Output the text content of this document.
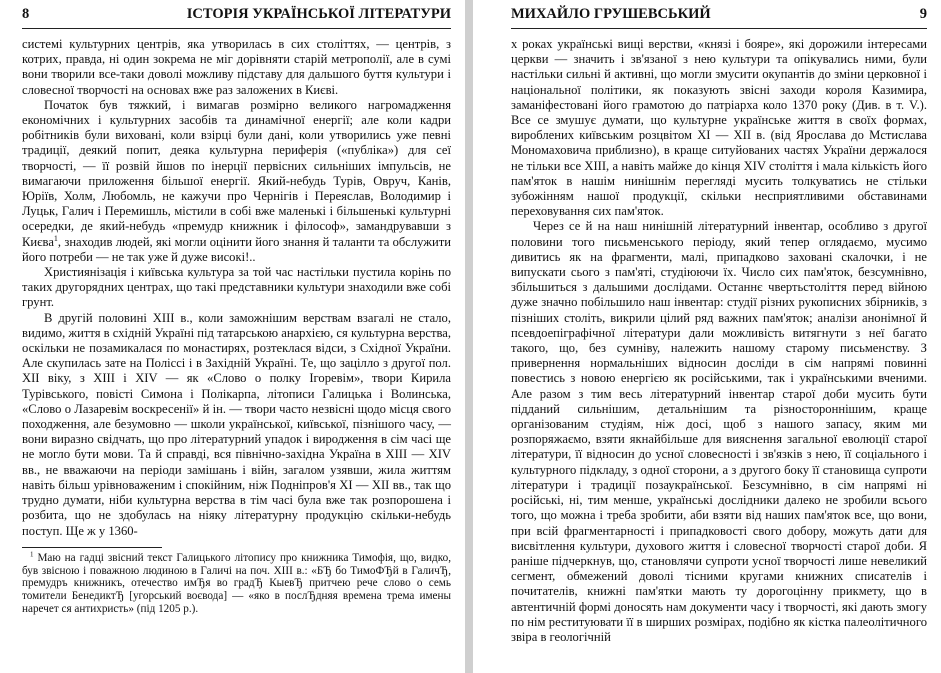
8	ІСТОРІЯ УКРАЇНСЬКОЇ ЛІТЕРАТУРИ

системі культурних центрів, яка утворилась в сих століттях, — центрів, з котрих, правда, ні один зокрема не міг дорівняти старій метрополії, але в сумі вони творили все-таки доволі можливу підставу для дальшого буття культури і словесної творчості на основах вже раз заложених в Києві.

Початок був тяжкий, і вимагав розмірно великого нагромадження економічних і культурних засобів та динамічної енергії; але коли кадри робітників були виховані, коли взірці були дані, коли утворились уже певні традиції, деякий попит, деяка культурна периферія («публіка») для сеї творчості, — її розвій йшов по інерції первісних сильніших імпульсів, не вимагаючи приложення більшої енергії. Який-небудь Турів, Овруч, Канів, Юріїв, Холм, Любомль, не кажучи про Чернігів і Переяслав, Володимир і Луцьк, Галич і Перемишль, містили в собі вже маленькі і більшенькі культурні осередки, де який-небудь «премудр книжник і філософ», замандрувавши з Києва$^1$, знаходив людей, які могли оцінити його знання й таланти та обслужити його потреби — не так уже й дуже високі!..

Християнізація і київська культура за той час настільки пустила корінь по таких другорядних центрах, що такі представники культури знаходили вже собі грунт.

В другій половині XIII в., коли заможнішим верствам взагалі не стало, видимо, життя в східній Україні під татарською анархією, ся культурна верства, оскільки не позамикалася по монастирях, розтеклася відси, з Східної України. Але скупилась зате на Поліссі і в Західній Україні. Те, що зацілло з другої пол. XII віку, з XIII і XIV — як «Слово о полку Ігоревім», твори Кирила Турівського, повісті Симона і Полікарпа, літописи Галицька і Волинська, «Слово о Лазаревім воскресенії» й ін. — твори часто незвісні щодо місця свого походження, але безумовно — школи української, київської, пізнішого часу, — вони виразно свідчать, що про літературний упадок і виродження в сім часі ще не могло бути мови. Та й справді, вся північно-західна Україна в XIII — XIV вв., не вважаючи на періоди замішань і війн, загалом узявши, жила життям навіть більш урівноваженим і спокійним, ніж Подніпров'я XI — XII вв., так що трудно думати, ніби культурна верства в тім часі була вже так розпорошена і розбита, що не здобулась на ніяку літературну продукцію скільки-небудь поступ. Ще ж у 1360-

$^1$ Маю на гадці звісний текст Галицького літопису про книжника Тимофія, що, видко, був звісною і поважною людиною в Галичі на поч. XIII в.: «БЂ бо ТимоФЂй в ГаличЂ, премудръ книжникъ, отечество имЂя во градЂ КыевЂ притчею рече слово о семь томители БенедиктЂ [угорський воєвода] — «яко в послЂдняя времена трема имены наречет ся антихристь» (під 1205 р.).

МИХАЙЛО ГРУШЕВСЬКИЙ	9

х роках українські вищі верстви, «князі і бояре», які дорожили інтересами церкви — значить і зв'язаної з нею культури та опікувались ними, були настільки сильні й активні, що могли змусити окупантів до зміни церковної і національної політики, як показують звісні заходи короля Казимира, заманіфестовані його грамотою до патріарха коло 1370 року (Див. в т. V.). Все се змушує думати, що культурне українське життя в своїх формах, вироблених київським розцвітом XI — XII в. (від Ярослава до Мстислава Мономаховича приблизно), в краще ситуйованих частях України держалося не тільки все XIII, а навіть майже до кінця XIV століття і мала кількість його пам'яток в нашім нинішнім перегляді мусить толкуватись не стільки зубожінням нашої продукції, скільки несприятливими обставинами переховування сих пам'яток.

Через се й на наш нинішній літературний інвентар, особливо з другої половини того письменського періоду, який тепер оглядаємо, мусимо дивитись як на фрагменти, малі, припадково заховані скалочки, і не випускати сього з пам'яті, студіюючи їх. Число сих пам'яток, безсумнівно, збільшиться з дальшими дослідами. Останнє чвертьстоліття перед війною дуже значно побільшило наш інвентар: студії різних рукописних збірників, з пізніших століть, викрили цілий ряд важних пам'яток; аналізи анонімної й псевдоепіграфічної літератури дали можливість витягнути з неї багато такого, що, без сумніву, належить нашому старому письменству. З привернення нормальніших відносин досліди в сім напрямі повинні повестись з новою енергією як російськими, так і українськими вченими. Але разом з тим весь літературний інвентар старої доби мусить бути підданий сильнішим, детальнішим та різностороннішим, краще організованим студіям, ніж досі, щоб з нашого запасу, яким ми розпоряжаємо, взяти якнайбільше для вияснення загальної еволюції старої літератури, її відносин до усної словесності і зв'язків з нею, її соціального і культурного підкладу, з одної сторони, а з другого боку її становища супроти літератури і традиції позаукраїнської. Безсумнівно, в сім напрямі ні російські, ні, тим менше, українські дослідники далеко не зробили всього того, що можна і треба зробити, аби взяти від наших пам'яток все, що вони, при всій фрагментарності і припадковості свого добору, можуть дати для висвітлення культури, духового життя і словесної творчості старої доби. Я раніше підчеркнув, що, становлячи супроти усної творчості лише невеликий сегмент, обмежений доволі тісними кругами книжних списателів і почитателів, книжні пам'ятки мають ту дорогоцінну прикмету, що в автентичній формі доносять нам документи часу і творчості, які дають змогу по нім реституювати її в ширших розмірах, подібно як кістка палеолітичного звіра в геологічній
